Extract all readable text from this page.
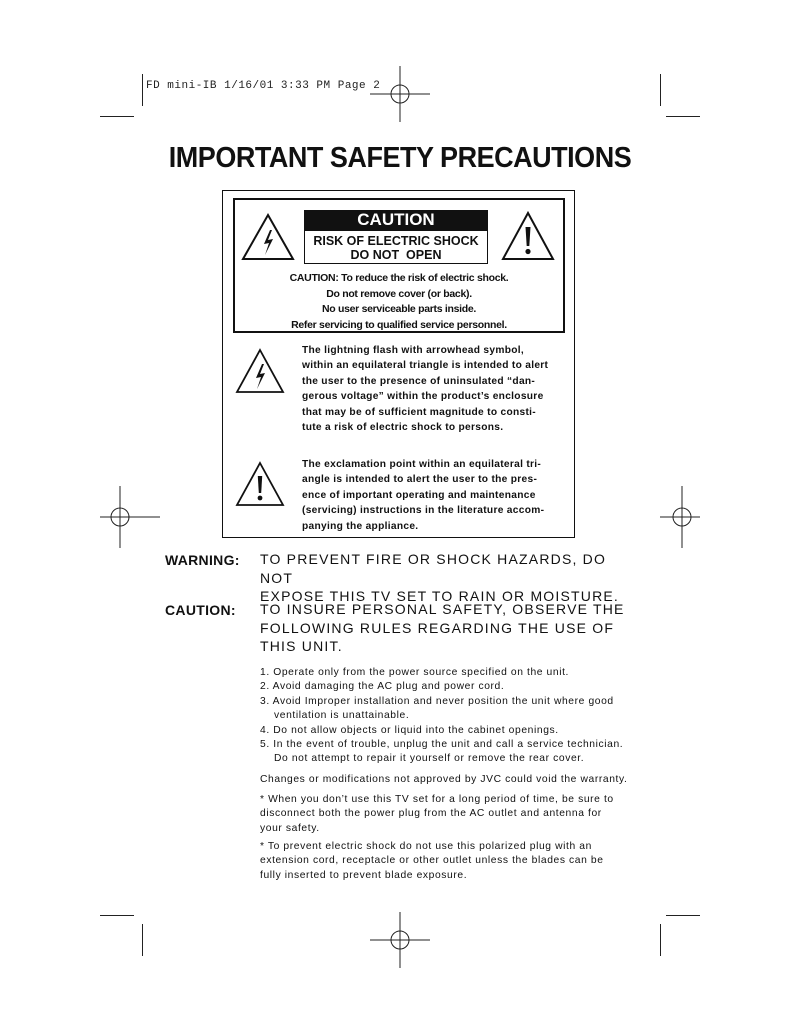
FD mini-IB 1/16/01 3:33 PM Page 2
IMPORTANT SAFETY PRECAUTIONS
CAUTION
RISK OF ELECTRIC SHOCK
DO NOT  OPEN
CAUTION: To reduce the risk of electric shock.
Do not remove cover (or back).
No user serviceable parts inside.
Refer servicing to qualified service personnel.
The lightning flash with arrowhead symbol,
within an equilateral triangle is intended to alert
the user to the presence of uninsulated “dan-
gerous voltage” within the product’s enclosure
that may be of sufficient magnitude to consti-
tute a risk of electric shock to persons.
The exclamation point within an equilateral tri-
angle is intended to alert the user to the pres-
ence of important operating and maintenance
(servicing) instructions in the literature accom-
panying the appliance.
WARNING: TO PREVENT FIRE OR SHOCK HAZARDS, DO NOT
EXPOSE THIS TV SET TO RAIN OR MOISTURE.
CAUTION: TO INSURE PERSONAL SAFETY, OBSERVE THE
FOLLOWING RULES REGARDING THE USE OF
THIS UNIT.
1. Operate only from the power source specified on the unit.
2. Avoid damaging the AC plug and power cord.
3. Avoid Improper installation and never position the unit where good
ventilation is unattainable.
4. Do not allow objects or liquid into the cabinet openings.
5. In the event of trouble, unplug the unit and call a service technician.
Do not attempt to repair it yourself or remove the rear cover.
Changes or modifications not approved by JVC could void the warranty.
* When you don’t use this TV set for a long period of time, be sure to
disconnect both the power plug from the AC outlet and antenna for
your safety.
* To prevent electric shock do not use this polarized plug with an
extension cord, receptacle or other outlet unless the blades can be
fully inserted to prevent blade exposure.
